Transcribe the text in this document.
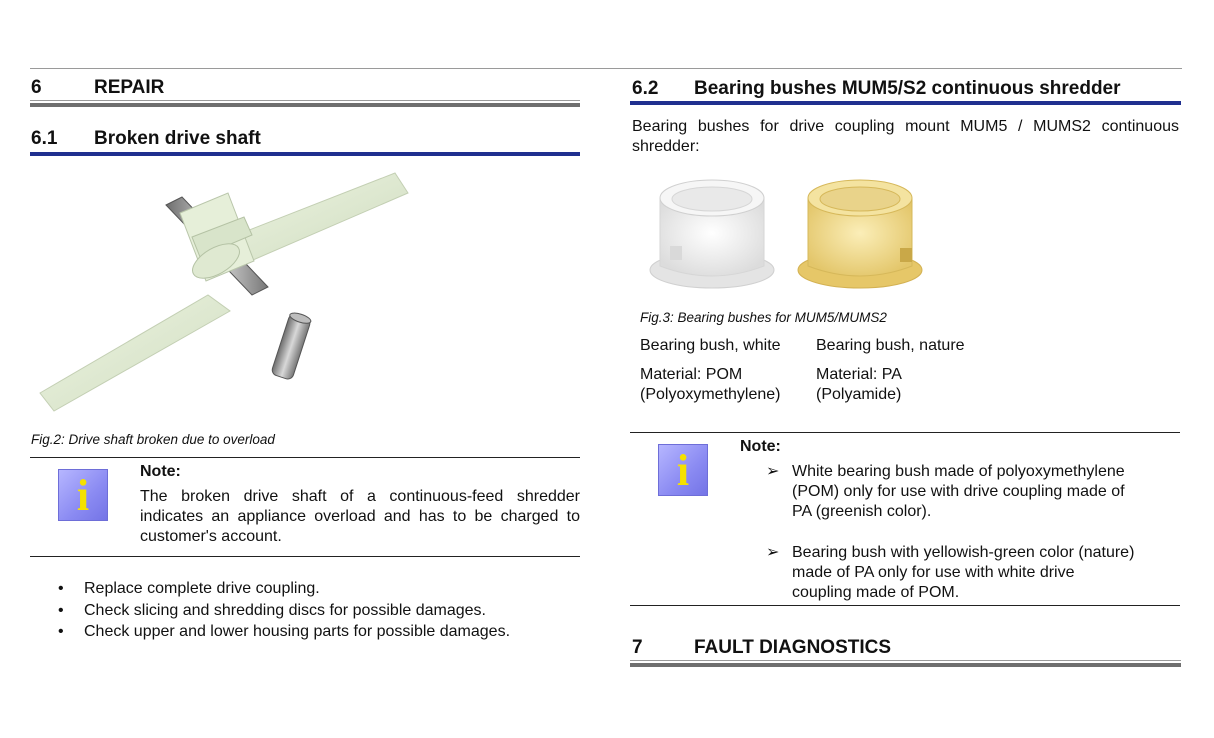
6	REPAIR
6.1 Broken drive shaft
Fig.2: Drive shaft broken due to overload
i	Note:
The broken drive shaft of a continuous-feed shredder
indicates an appliance overload and has to be charged to
customer's account.
• Replace complete drive coupling.
• Check slicing and shredding discs for possible damages.
• Check upper and lower housing parts for possible damages.
6.2 Bearing bushes MUM5/S2 continuous shredder
Bearing bushes for drive coupling mount MUM5 / MUMS2 continuous
shredder:
Fig.3: Bearing bushes for MUM5/MUMS2
Bearing bush, white Bearing bush, nature
Material: POM	Material: PA
(Polyoxymethylene) (Polyamide)
i	Note:
➢ White bearing bush made of polyoxymethylene
(POM) only for use with drive coupling made of
PA (greenish color).
➢ Bearing bush with yellowish-green color (nature)
made of PA only for use with white drive
coupling made of POM.
7	FAULT DIAGNOSTICS
